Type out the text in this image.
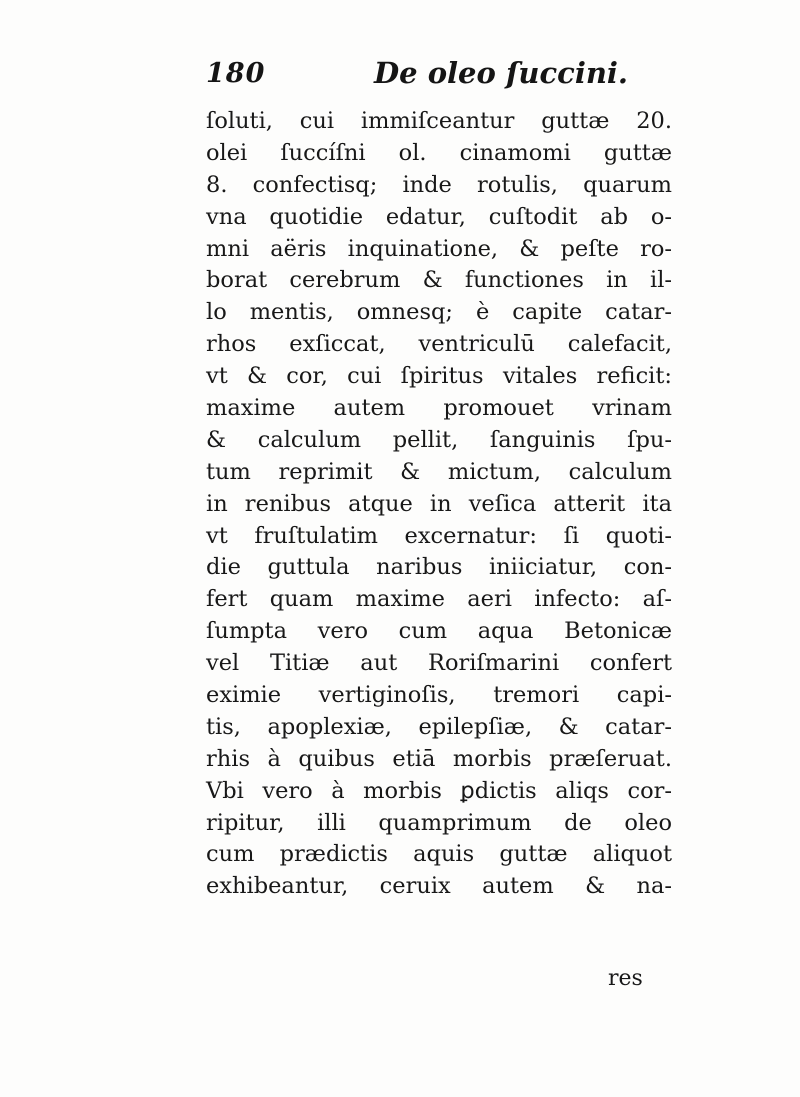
180	De oleo ſuccini.
ſoluti, cui immiſceantur guttæ 20.
olei ſuccíſni ol. cinamomi guttæ
8. confectisq; inde rotulis, quarum
vna quotidie edatur, cuſtodit ab o-
mni aëris inquinatione, & peſte ro-
borat cerebrum & functiones in il-
lo mentis, omnesq; è capite catar-
rhos exſiccat, ventriculū calefacit,
vt & cor, cui ſpiritus vitales reficit:
maxime autem promouet vrinam
& calculum pellit, ſanguinis ſpu-
tum reprimit & mictum, calculum
in renibus atque in veſica atterit ita
vt fruſtulatim excernatur: ſi quoti-
die guttula naribus iniiciatur, con-
fert quam maxime aeri infecto: aſ-
ſumpta vero cum aqua Betonicæ
vel Titiæ aut Roriſmarini confert
eximie vertiginoſis, tremori capi-
tis, apoplexiæ, epilepſiæ, & catar-
rhis à quibus etiā morbis præſeruat.
Vbi vero à morbis ꝑdictis aliqs cor-
ripitur, illi quamprimum de oleo
cum prædictis aquis guttæ aliquot
exhibeantur, ceruix autem & na-
res
